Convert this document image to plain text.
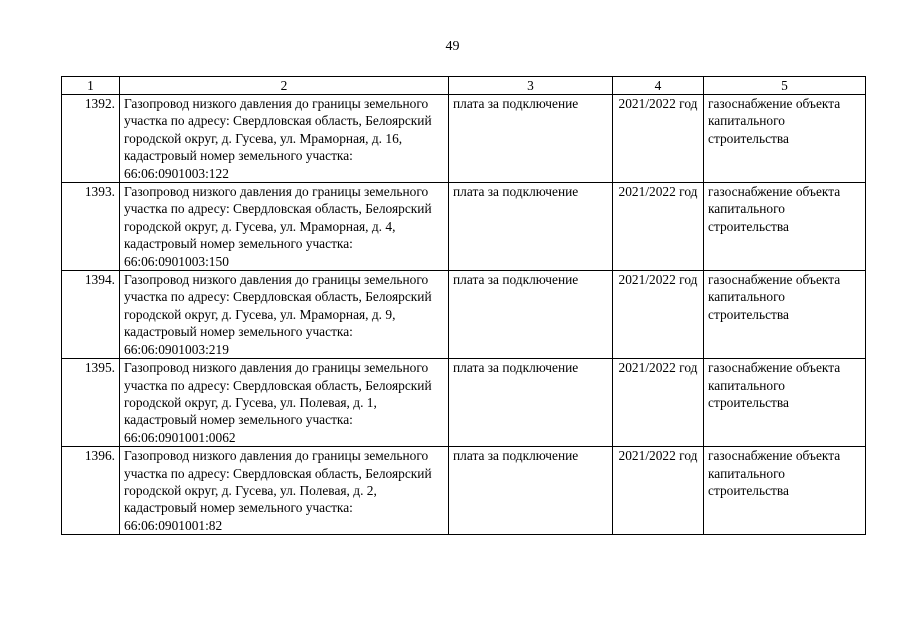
49
1	2	3	4	5
1392.	Газопровод низкого давления до границы земельного участка по адресу: Свердловская область, Белоярский городской округ, д. Гусева, ул. Мраморная, д. 16, кадастровый номер земельного участка: 66:06:0901003:122	плата за подключение	2021/2022 год	газоснабжение объекта капитального строительства
1393.	Газопровод низкого давления до границы земельного участка по адресу: Свердловская область, Белоярский городской округ, д. Гусева, ул. Мраморная, д. 4, кадастровый номер земельного участка: 66:06:0901003:150	плата за подключение	2021/2022 год	газоснабжение объекта капитального строительства
1394.	Газопровод низкого давления до границы земельного участка по адресу: Свердловская область, Белоярский городской округ, д. Гусева, ул. Мраморная, д. 9, кадастровый номер земельного участка: 66:06:0901003:219	плата за подключение	2021/2022 год	газоснабжение объекта капитального строительства
1395.	Газопровод низкого давления до границы земельного участка по адресу: Свердловская область, Белоярский городской округ, д. Гусева, ул. Полевая, д. 1, кадастровый номер земельного участка: 66:06:0901001:0062	плата за подключение	2021/2022 год	газоснабжение объекта капитального строительства
1396.	Газопровод низкого давления до границы земельного участка по адресу: Свердловская область, Белоярский городской округ, д. Гусева, ул. Полевая, д. 2, кадастровый номер земельного участка: 66:06:0901001:82	плата за подключение	2021/2022 год	газоснабжение объекта капитального строительства
